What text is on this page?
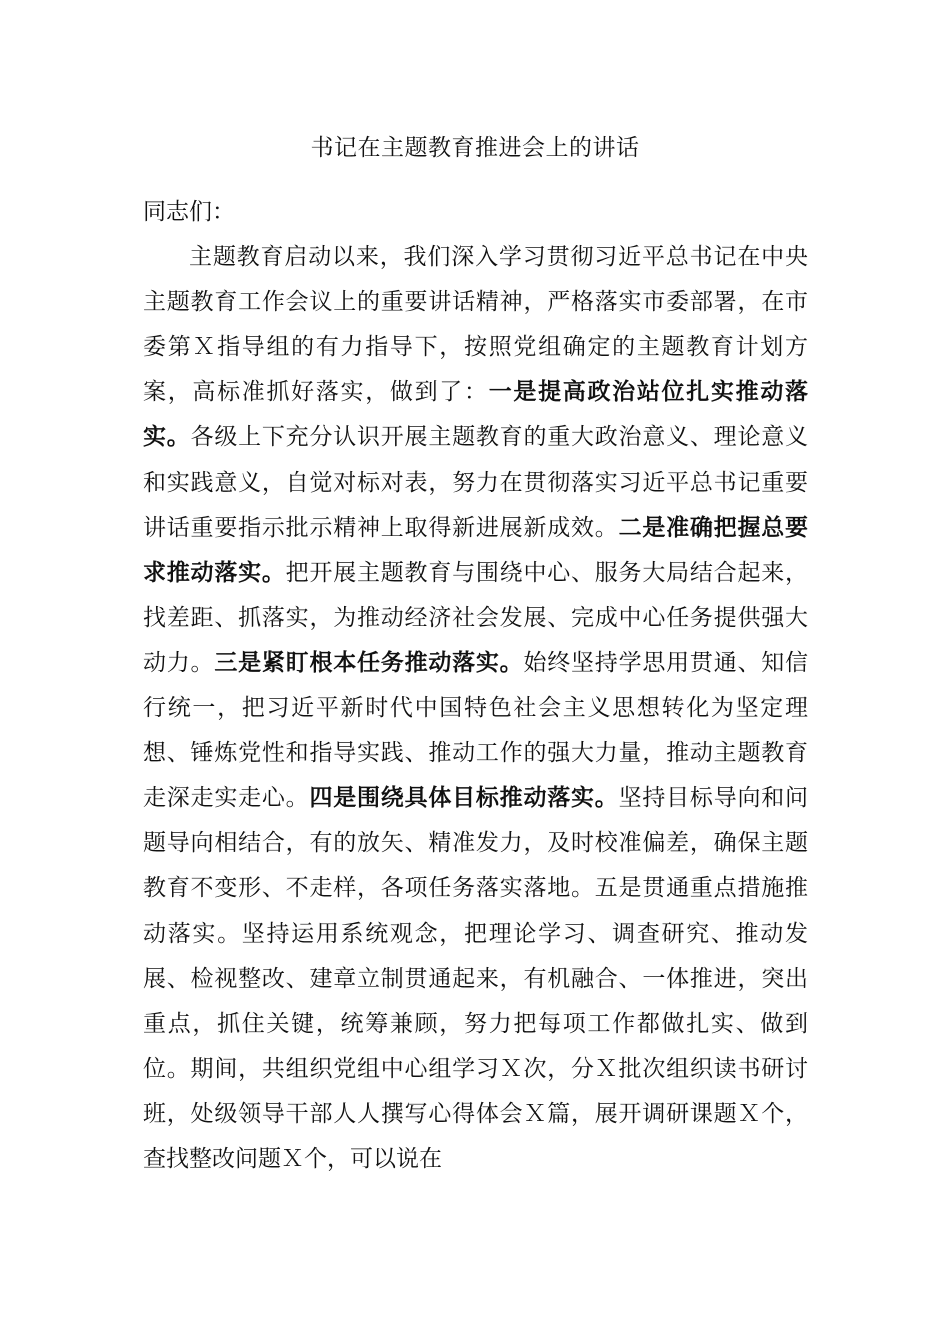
书记在主题教育推进会上的讲话

同志们：

主题教育启动以来，我们深入学习贯彻习近平总书记在中央主题教育工作会议上的重要讲话精神，严格落实市委部署，在市委第Ｘ指导组的有力指导下，按照党组确定的主题教育计划方案，高标准抓好落实，做到了：一是提高政治站位扎实推动落实。各级上下充分认识开展主题教育的重大政治意义、理论意义和实践意义，自觉对标对表，努力在贯彻落实习近平总书记重要讲话重要指示批示精神上取得新进展新成效。二是准确把握总要求推动落实。把开展主题教育与围绕中心、服务大局结合起来，找差距、抓落实，为推动经济社会发展、完成中心任务提供强大动力。三是紧盯根本任务推动落实。始终坚持学思用贯通、知信行统一，把习近平新时代中国特色社会主义思想转化为坚定理想、锤炼党性和指导实践、推动工作的强大力量，推动主题教育走深走实走心。四是围绕具体目标推动落实。坚持目标导向和问题导向相结合，有的放矢、精准发力，及时校准偏差，确保主题教育不变形、不走样，各项任务落实落地。五是贯通重点措施推动落实。坚持运用系统观念，把理论学习、调查研究、推动发展、检视整改、建章立制贯通起来，有机融合、一体推进，突出重点，抓住关键，统筹兼顾，努力把每项工作都做扎实、做到位。期间，共组织党组中心组学习Ｘ次，分Ｘ批次组织读书研讨班，处级领导干部人人撰写心得体会Ｘ篇，展开调研课题Ｘ个，查找整改问题Ｘ个，可以说在
